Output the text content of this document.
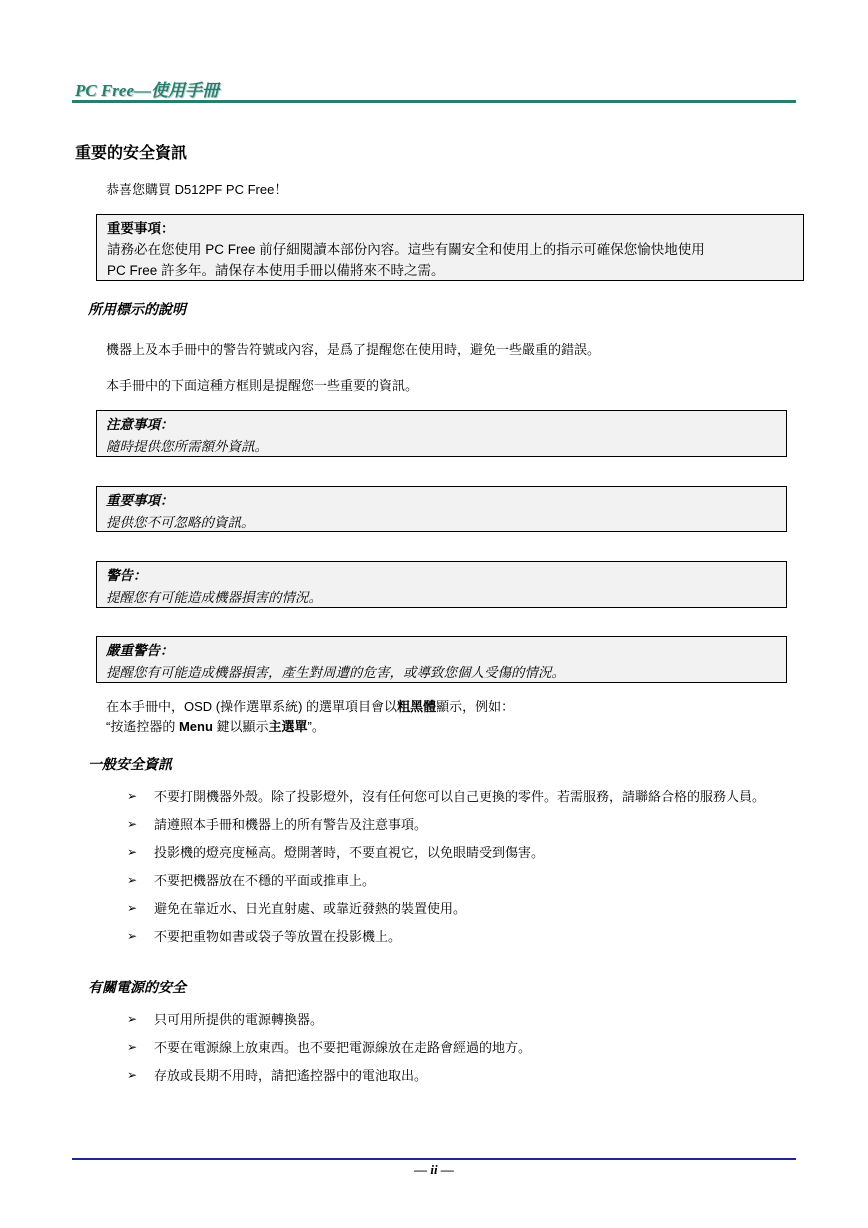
PC Free—使用手冊
重要的安全資訊
恭喜您購買 D512PF PC Free！
重要事項：
請務必在您使用 PC Free 前仔細閱讀本部份內容。這些有關安全和使用上的指示可確保您愉快地使用
PC Free 許多年。請保存本使用手冊以備將來不時之需。
所用標示的說明
機器上及本手冊中的警告符號或內容，是爲了提醒您在使用時，避免一些嚴重的錯誤。
本手冊中的下面這種方框則是提醒您一些重要的資訊。
注意事項：
隨時提供您所需額外資訊。
重要事項：
提供您不可忽略的資訊。
警告：
提醒您有可能造成機器損害的情況。
嚴重警告：
提醒您有可能造成機器損害，產生對周遭的危害，或導致您個人受傷的情況。
在本手冊中，OSD (操作選單系統) 的選單項目會以粗黑體顯示，例如：
“按遙控器的 Menu 鍵以顯示主選單”。
一般安全資訊
➢ 不要打開機器外殼。除了投影燈外，沒有任何您可以自己更換的零件。若需服務，請聯絡合格的服務人員。
➢ 請遵照本手冊和機器上的所有警告及注意事項。
➢ 投影機的燈亮度極高。燈開著時，不要直視它，以免眼睛受到傷害。
➢ 不要把機器放在不穩的平面或推車上。
➢ 避免在靠近水、日光直射處、或靠近發熱的裝置使用。
➢ 不要把重物如書或袋子等放置在投影機上。
有關電源的安全
➢ 只可用所提供的電源轉換器。
➢ 不要在電源線上放東西。也不要把電源線放在走路會經過的地方。
➢ 存放或長期不用時，請把遙控器中的電池取出。
— ii —
